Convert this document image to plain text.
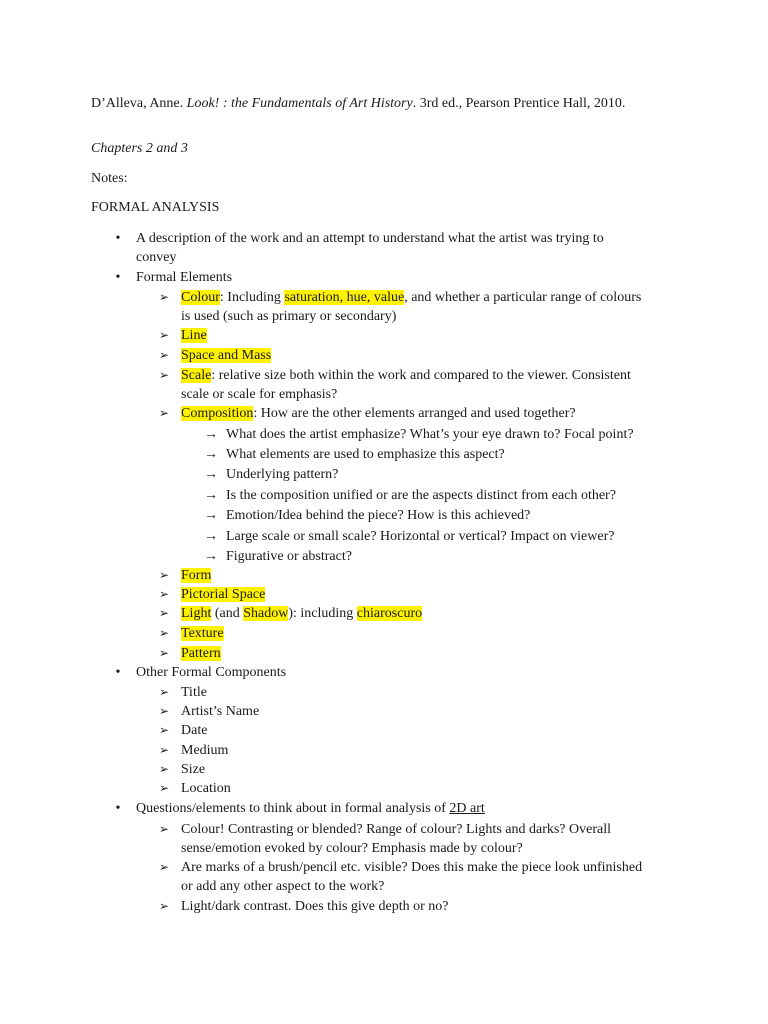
D’Alleva, Anne. Look! : the Fundamentals of Art History. 3rd ed., Pearson Prentice Hall, 2010.
Chapters 2 and 3
Notes:
FORMAL ANALYSIS
• A description of the work and an attempt to understand what the artist was trying to
convey
• Formal Elements
➢ Colour: Including saturation, hue, value, and whether a particular range of colours
is used (such as primary or secondary)
➢ Line
➢ Space and Mass
➢ Scale: relative size both within the work and compared to the viewer. Consistent
scale or scale for emphasis?
➢ Composition: How are the other elements arranged and used together?
→ What does the artist emphasize? What’s your eye drawn to? Focal point?
→ What elements are used to emphasize this aspect?
→ Underlying pattern?
→ Is the composition unified or are the aspects distinct from each other?
→ Emotion/Idea behind the piece? How is this achieved?
→ Large scale or small scale? Horizontal or vertical? Impact on viewer?
→ Figurative or abstract?
➢ Form
➢ Pictorial Space
➢ Light (and Shadow): including chiaroscuro
➢ Texture
➢ Pattern
• Other Formal Components
➢ Title
➢ Artist’s Name
➢ Date
➢ Medium
➢ Size
➢ Location
• Questions/elements to think about in formal analysis of 2D art
➢ Colour! Contrasting or blended? Range of colour? Lights and darks? Overall
sense/emotion evoked by colour? Emphasis made by colour?
➢ Are marks of a brush/pencil etc. visible? Does this make the piece look unfinished
or add any other aspect to the work?
➢ Light/dark contrast. Does this give depth or no?
